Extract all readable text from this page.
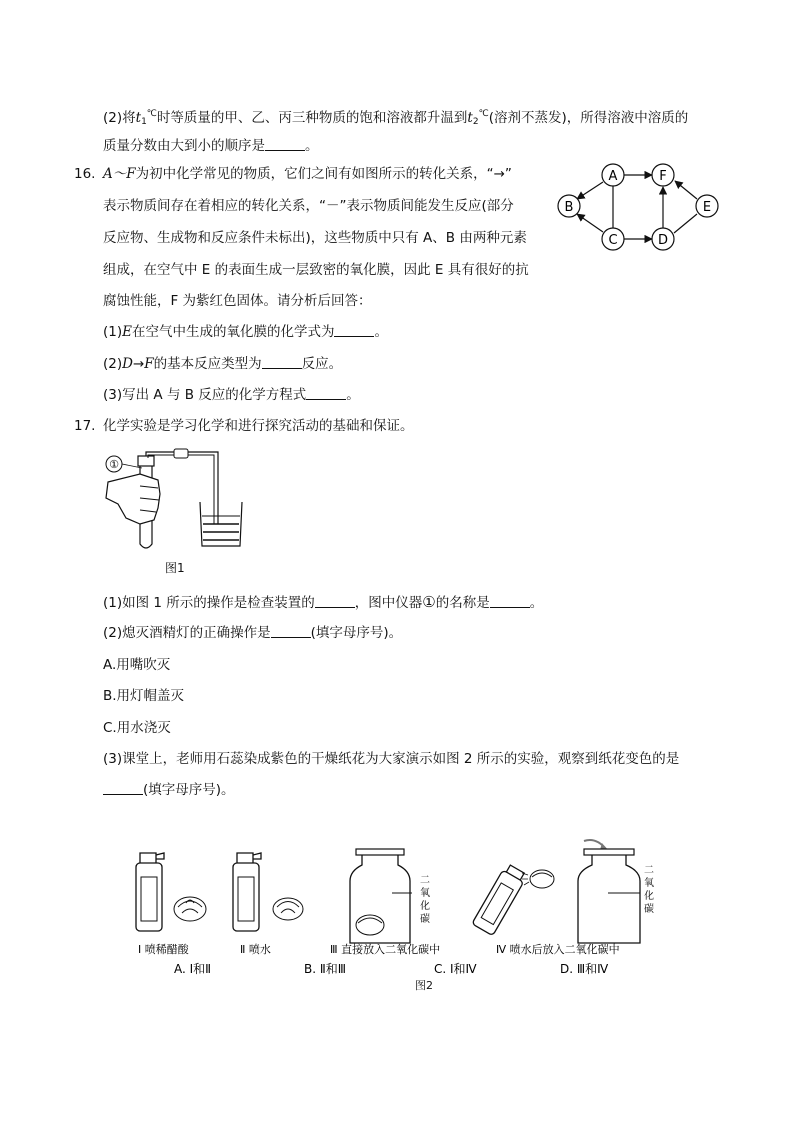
(2)将$t_1^℃$时等质量的甲、乙、丙三种物质的饱和溶液都升温到$t_2^℃$(溶剂不蒸发)，所得溶液中溶质的
质量分数由大到小的顺序是	。
16. A～F为初中化学常见的物质，它们之间有如图所示的转化关系，“→”
表示物质间存在着相应的转化关系，“－”表示物质间能发生反应(部分
反应物、生成物和反应条件未标出)，这些物质中只有 A、B 由两种元素
组成，在空气中 E 的表面生成一层致密的氧化膜，因此 E 具有很好的抗
腐蚀性能，F 为紫红色固体。请分析后回答：
A
B
C	D
E
F
(1)E在空气中生成的氧化膜的化学式为	。
(2)D→F的基本反应类型为	反应。
(3)写出 A 与 B 反应的化学方程式	。
17. 化学实验是学习化学和进行探究活动的基础和保证。
①
图1
(1)如图 1 所示的操作是检查装置的	，图中仪器①的名称是	。
(2)熄灭酒精灯的正确操作是	(填字母序号)。
A.用嘴吹灭
B.用灯帽盖灭
C.用水浇灭
(3)课堂上，老师用石蕊染成紫色的干燥纸花为大家演示如图 2 所示的实验，观察到纸花变色的是
(填字母序号)。
二氧化碳
二氧化碳
Ⅰ 喷稀醋酸	Ⅱ 喷水	Ⅲ 直接放入二氧化碳中	Ⅳ 喷水后放入二氧化碳中
A. Ⅰ和Ⅱ	B. Ⅱ和Ⅲ	C. Ⅰ和Ⅳ	D. Ⅲ和Ⅳ
图2
